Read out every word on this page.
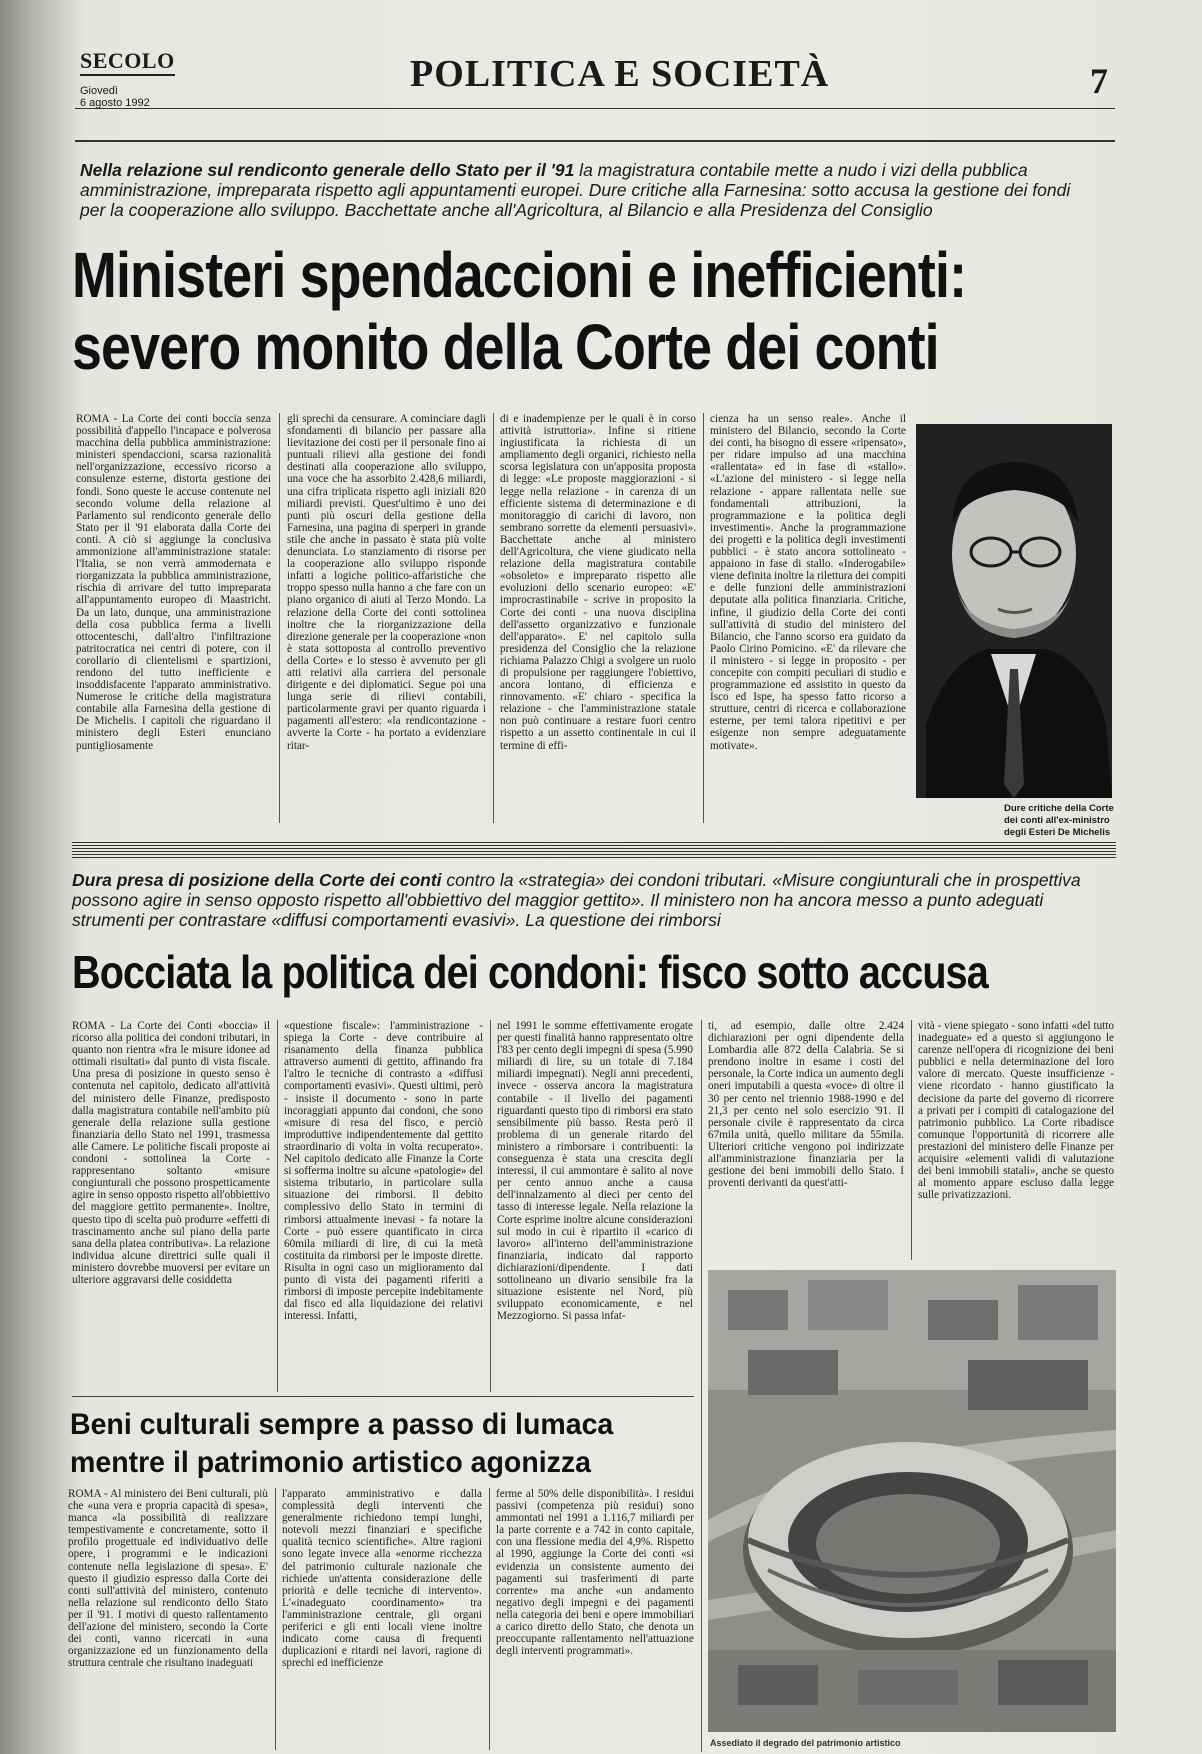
SECOLO
Giovedì
6 agosto 1992
POLITICA E SOCIETÀ	7
Nella relazione sul rendiconto generale dello Stato per il '91 la magistratura contabile mette a nudo i vizi della pubblica amministrazione, impreparata rispetto agli appuntamenti europei. Dure critiche alla Farnesina: sotto accusa la gestione dei fondi per la cooperazione allo sviluppo. Bacchettate anche all'Agricoltura, al Bilancio e alla Presidenza del Consiglio
Ministeri spendaccioni e inefficienti:
severo monito della Corte dei conti
ROMA - La Corte dei conti boccia senza possibilità d'appello l'incapace e polverosa macchina della pubblica amministrazione: ministeri spendaccioni, scarsa razionalità nell'organizzazione, eccessivo ricorso a consulenze esterne, distorta gestione dei fondi. Sono queste le accuse contenute nel secondo volume della relazione al Parlamento sul rendiconto generale dello Stato per il '91 elaborata dalla Corte dei conti. A ciò si aggiunge la conclusiva ammonizione all'amministrazione statale: l'Italia, se non verrà ammodernata e riorganizzata la pubblica amministrazione, rischia di arrivare del tutto impreparata all'appuntamento europeo di Maastricht. Da un lato, dunque, una amministrazione della cosa pubblica ferma a livelli ottocenteschi, dall'altro l'infiltrazione patritocratica nei centri di potere, con il corollario di clientelismi e spartizioni, rendono del tutto inefficiente e insoddisfacente l'apparato amministrativo. Numerose le critiche della magistratura contabile alla Farnesina della gestione di De Michelis. I capitoli che riguardano il ministero degli Esteri enunciano puntigliosamente
gli sprechi da censurare. A cominciare dagli sfondamenti di bilancio per passare alla lievitazione dei costi per il personale fino ai puntuali rilievi alla gestione dei fondi destinati alla cooperazione allo sviluppo, una voce che ha assorbito 2.428,6 miliardi, una cifra triplicata rispetto agli iniziali 820 miliardi previsti. Quest'ultimo è uno dei punti più oscuri della gestione della Farnesina, una pagina di sperperi in grande stile che anche in passato è stata più volte denunciata. Lo stanziamento di risorse per la cooperazione allo sviluppo risponde infatti a logiche politico-affaristiche che troppo spesso nulla hanno a che fare con un piano organico di aiuti al Terzo Mondo. La relazione della Corte dei conti sottolinea inoltre che la riorganizzazione della direzione generale per la cooperazione «non è stata sottoposta al controllo preventivo della Corte» e lo stesso è avvenuto per gli atti relativi alla carriera del personale dirigente e dei diplomatici. Segue poi una lunga serie di rilievi contabili, particolarmente gravi per quanto riguarda i pagamenti all'estero: «la rendicontazione - avverte la Corte - ha portato a evidenziare ritar-
di e inadempienze per le quali è in corso attività istruttoria». Infine si ritiene ingiustificata la richiesta di un ampliamento degli organici, richiesto nella scorsa legislatura con un'apposita proposta di legge: «Le proposte maggiorazioni - si legge nella relazione - in carenza di un efficiente sistema di determinazione e di monitoraggio di carichi di lavoro, non sembrano sorrette da elementi persuasivi». Bacchettate anche al ministero dell'Agricoltura, che viene giudicato nella relazione della magistratura contabile «obsoleto» e impreparato rispetto alle evoluzioni dello scenario europeo: «E' improcrastinabile - scrive in proposito la Corte dei conti - una nuova disciplina dell'assetto organizzativo e funzionale dell'apparato». E' nel capitolo sulla presidenza del Consiglio che la relazione richiama Palazzo Chigi a svolgere un ruolo di propulsione per raggiungere l'obiettivo, ancora lontano, di efficienza e rinnovamento. «E' chiaro - specifica la relazione - che l'amministrazione statale non può continuare a restare fuori centro rispetto a un assetto continentale in cui il termine di effi-
cienza ha un senso reale». Anche il ministero del Bilancio, secondo la Corte dei conti, ha bisogno di essere «ripensato», per ridare impulso ad una macchina «rallentata» ed in fase di «stallo». «L'azione del ministero - si legge nella relazione - appare rallentata nelle sue fondamentali attribuzioni, la programmazione e la politica degli investimenti». Anche la programmazione dei progetti e la politica degli investimenti pubblici - è stato ancora sottolineato - appaiono in fase di stallo. «Inderogabile» viene definita inoltre la rilettura dei compiti e delle funzioni delle amministrazioni deputate alla politica finanziaria. Critiche, infine, il giudizio della Corte dei conti sull'attività di studio del ministero del Bilancio, che l'anno scorso era guidato da Paolo Cirino Pomicino. «E' da rilevare che il ministero - si legge in proposito - per concepite con compiti peculiari di studio e programmazione ed assistito in questo da Isco ed Ispe, ha spesso fatto ricorso a strutture, centri di ricerca e collaborazione esterne, per temi talora ripetitivi e per esigenze non sempre adeguatamente motivate».
Dure critiche della Corte dei conti all'ex-ministro degli Esteri De Michelis
Dura presa di posizione della Corte dei conti contro la «strategia» dei condoni tributari. «Misure congiunturali che in prospettiva possono agire in senso opposto rispetto all'obbiettivo del maggior gettito». Il ministero non ha ancora messo a punto adeguati strumenti per contrastare «diffusi comportamenti evasivi». La questione dei rimborsi
Bocciata la politica dei condoni: fisco sotto accusa
ROMA - La Corte dei Conti «boccia» il ricorso alla politica dei condoni tributari, in quanto non rientra «fra le misure idonee ad ottimali risultati» dal punto di vista fiscale. Una presa di posizione in questo senso è contenuta nel capitolo, dedicato all'attività del ministero delle Finanze, predisposto dalla magistratura contabile nell'ambito più generale della relazione sulla gestione finanziaria dello Stato nel 1991, trasmessa alle Camere. Le politiche fiscali proposte ai condoni - sottolinea la Corte - rappresentano soltanto «misure congiunturali che possono prospetticamente agire in senso opposto rispetto all'obbiettivo del maggiore gettito permanente». Inoltre, questo tipo di scelta può produrre «effetti di trascinamento anche sul piano della parte sana della platea contributiva». La relazione individua alcune direttrici sulle quali il ministero dovrebbe muoversi per evitare un ulteriore aggravarsi delle cosiddetta
«questione fiscale»: l'amministrazione - spiega la Corte - deve contribuire al risanamento della finanza pubblica attraverso aumenti di gettito, affinando fra l'altro le tecniche di contrasto a «diffusi comportamenti evasivi». Questi ultimi, però - insiste il documento - sono in parte incoraggiati appunto dai condoni, che sono «misure di resa del fisco, e perciò improduttive indipendentemente dal gettito straordinario di volta in volta recuperato». Nel capitolo dedicato alle Finanze la Corte si sofferma inoltre su alcune «patologie» del sistema tributario, in particolare sulla situazione dei rimborsi. Il debito complessivo dello Stato in termini di rimborsi attualmente inevasi - fa notare la Corte - può essere quantificato in circa 60mila miliardi di lire, di cui la metà costituita da rimborsi per le imposte dirette. Risulta in ogni caso un miglioramento dal punto di vista dei pagamenti riferiti a rimborsi di imposte percepite indebitamente dal fisco ed alla liquidazione dei relativi interessi. Infatti,
nel 1991 le somme effettivamente erogate per questi finalità hanno rappresentato oltre l'83 per cento degli impegni di spesa (5.990 miliardi di lire, su un totale di 7.184 miliardi impegnati). Negli anni precedenti, invece - osserva ancora la magistratura contabile - il livello dei pagamenti riguardanti questo tipo di rimborsi era stato sensibilmente più basso. Resta però il problema di un generale ritardo del ministero a rimborsare i contribuenti: la conseguenza è stata una crescita degli interessi, il cui ammontare è salito al nove per cento annuo anche a causa dell'innalzamento al dieci per cento del tasso di interesse legale. Nella relazione la Corte esprime inoltre alcune considerazioni sul modo in cui è ripartito il «carico di lavoro» all'interno dell'amministrazione finanziaria, indicato dal rapporto dichiarazioni/dipendente. I dati sottolineano un divario sensibile fra la situazione esistente nel Nord, più sviluppato economicamente, e nel Mezzogiorno. Si passa infat-
ti, ad esempio, dalle oltre 2.424 dichiarazioni per ogni dipendente della Lombardia alle 872 della Calabria. Se si prendono inoltre in esame i costi del personale, la Corte indica un aumento degli oneri imputabili a questa «voce» di oltre il 30 per cento nel triennio 1988-1990 e del 21,3 per cento nel solo esercizio '91. Il personale civile è rappresentato da circa 67mila unità, quello militare da 55mila. Ulteriori critiche vengono poi indirizzate all'amministrazione finanziaria per la gestione dei beni immobili dello Stato. I proventi derivanti da quest'atti-
vità - viene spiegato - sono infatti «del tutto inadeguate» ed a questo si aggiungono le carenze nell'opera di ricognizione dei beni pubblici e nella determinazione del loro valore di mercato. Queste insufficienze - viene ricordato - hanno giustificato la decisione da parte del governo di ricorrere a privati per i compiti di catalogazione del patrimonio pubblico. La Corte ribadisce comunque l'opportunità di ricorrere alle prestazioni del ministero delle Finanze per acquisire «elementi validi di valutazione dei beni immobili statali», anche se questo al momento appare escluso dalla legge sulle privatizzazioni.
Beni culturali sempre a passo di lumaca
mentre il patrimonio artistico agonizza
ROMA - Al ministero dei Beni culturali, più che «una vera e propria capacità di spesa», manca «la possibilità di realizzare tempestivamente e concretamente, sotto il profilo progettuale ed individuativo delle opere, i programmi e le indicazioni contenute nella legislazione di spesa». E' questo il giudizio espresso dalla Corte dei conti sull'attività del ministero, contenuto nella relazione sul rendiconto dello Stato per il '91. I motivi di questo rallentamento dell'azione del ministero, secondo la Corte dei conti, vanno ricercati in «una organizzazione ed un funzionamento della struttura centrale che risultano inadeguati
l'apparato amministrativo e dalla complessità degli interventi che generalmente richiedono tempi lunghi, notevoli mezzi finanziari e specifiche qualità tecnico scientifiche». Altre ragioni sono legate invece alla «enorme ricchezza del patrimonio culturale nazionale che richiede un'attenta considerazione delle priorità e delle tecniche di intervento». L'«inadeguato coordinamento» tra l'amministrazione centrale, gli organi periferici e gli enti locali viene inoltre indicato come causa di frequenti duplicazioni e ritardi nei lavori, ragione di sprechi ed inefficienze
ferme al 50% delle disponibilità». I residui passivi (competenza più residui) sono ammontati nel 1991 a 1.116,7 miliardi per la parte corrente e a 742 in conto capitale, con una flessione media del 4,9%. Rispetto al 1990, aggiunge la Corte dei conti «si evidenzia un consistente aumento dei pagamenti sui trasferimenti di parte corrente» ma anche «un andamento negativo degli impegni e dei pagamenti nella categoria dei beni e opere immobiliari a carico diretto dello Stato, che denota un preoccupante rallentamento nell'attuazione degli interventi programmati».
Assediato il degrado del patrimonio artistico
